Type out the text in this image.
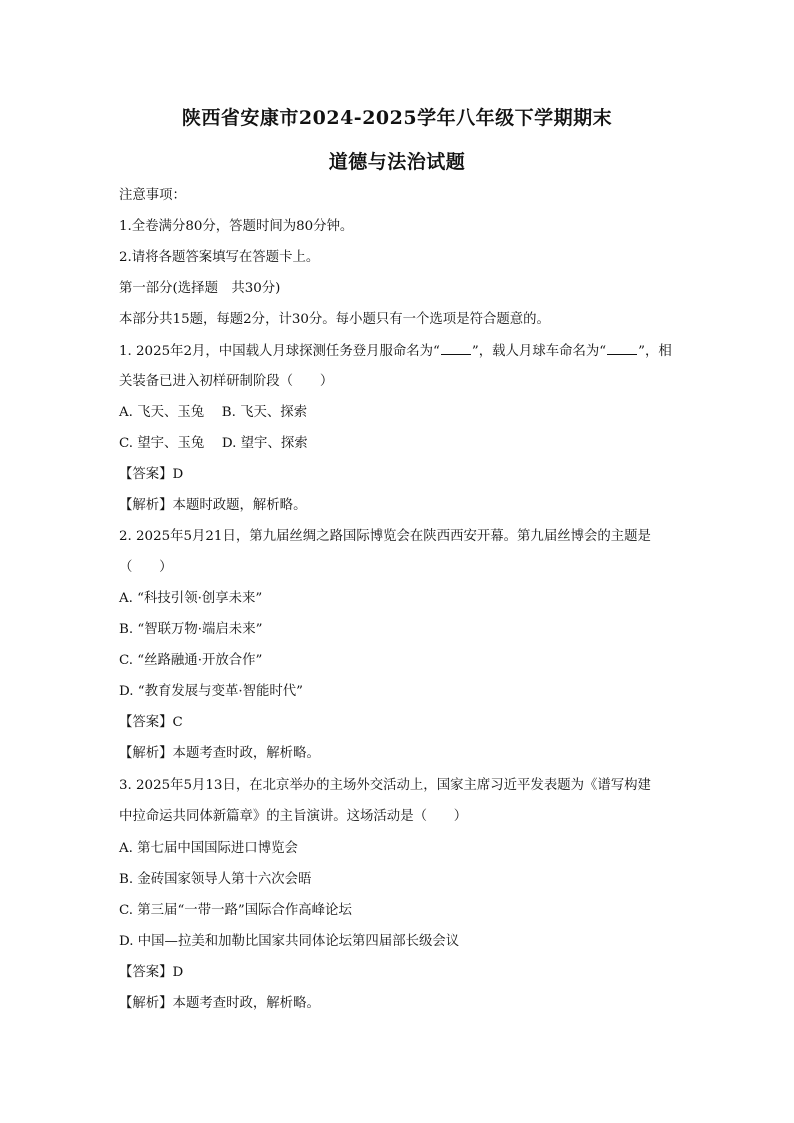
陕西省安康市2024-2025学年八年级下学期期末
道德与法治试题
注意事项：
1.全卷满分80分，答题时间为80分钟。
2.请将各题答案填写在答题卡上。
第一部分(选择题　共30分)
本部分共15题，每题2分，计30分。每小题只有一个选项是符合题意的。
1. 2025年2月，中国载人月球探测任务登月服命名为“ ”，载人月球车命名为“ ”，相
关装备已进入初样研制阶段（　　）
A. 飞天、玉兔　 B. 飞天、探索
C. 望宇、玉兔　 D. 望宇、探索
【答案】D
【解析】本题时政题，解析略。
2. 2025年5月21日，第九届丝绸之路国际博览会在陕西西安开幕。第九届丝博会的主题是
（　　）
A. “科技引领·创享未来”
B. “智联万物·端启未来”
C. “丝路融通·开放合作”
D. “教育发展与变革·智能时代”
【答案】C
【解析】本题考查时政，解析略。
3. 2025年5月13日，在北京举办的主场外交活动上，国家主席习近平发表题为《谱写构建
中拉命运共同体新篇章》的主旨演讲。这场活动是（　　）
A. 第七届中国国际进口博览会
B. 金砖国家领导人第十六次会晤
C. 第三届“一带一路”国际合作高峰论坛
D. 中国—拉美和加勒比国家共同体论坛第四届部长级会议
【答案】D
【解析】本题考查时政，解析略。
